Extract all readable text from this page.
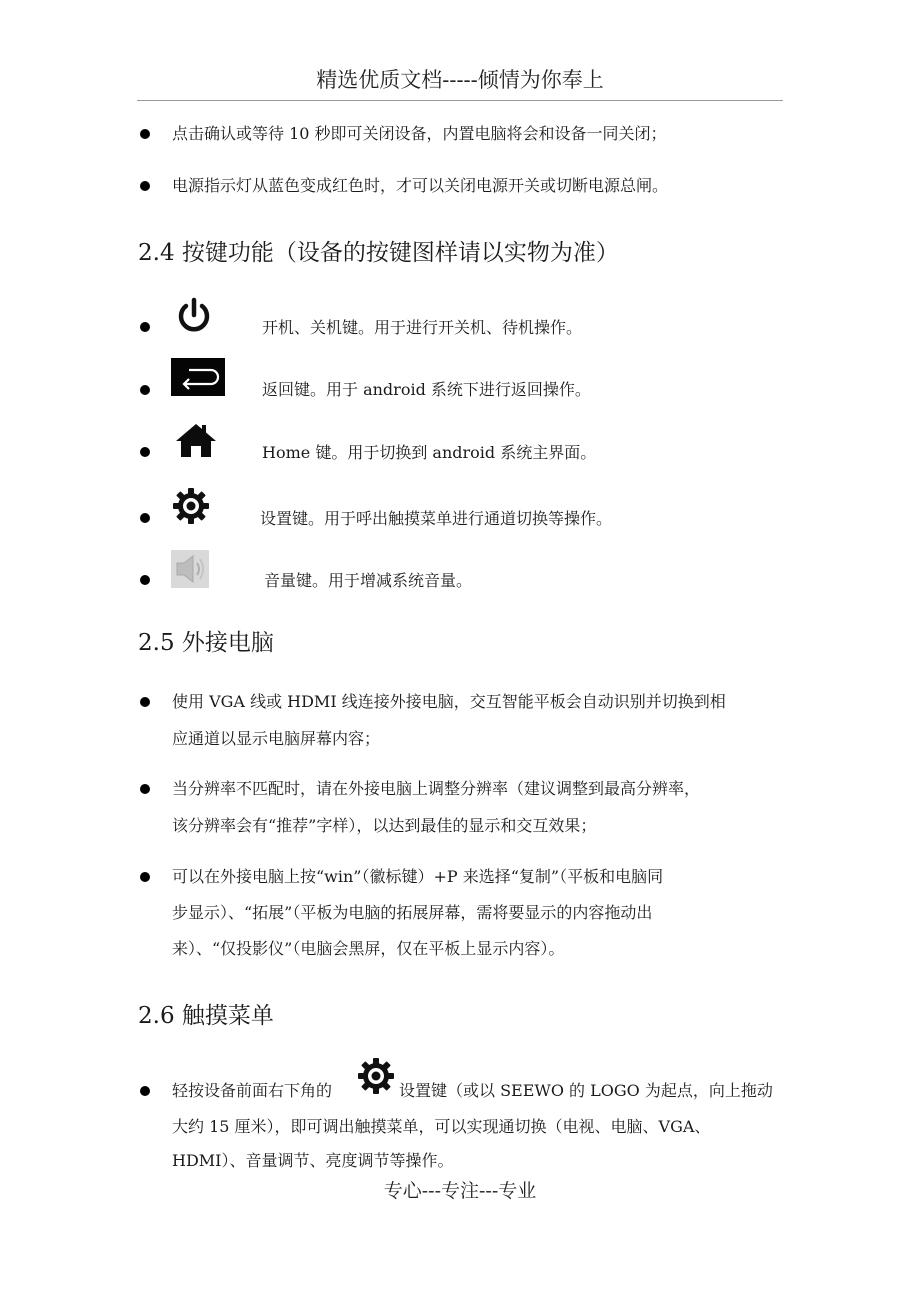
精选优质文档-----倾情为你奉上
点击确认或等待 10 秒即可关闭设备，内置电脑将会和设备一同关闭；
电源指示灯从蓝色变成红色时，才可以关闭电源开关或切断电源总闸。
2.4 按键功能（设备的按键图样请以实物为准）
开机、关机键。用于进行开关机、待机操作。
返回键。用于 android 系统下进行返回操作。
Home 键。用于切换到 android 系统主界面。
设置键。用于呼出触摸菜单进行通道切换等操作。
音量键。用于增减系统音量。
2.5 外接电脑
使用 VGA 线或 HDMI 线连接外接电脑，交互智能平板会自动识别并切换到相
应通道以显示电脑屏幕内容；
当分辨率不匹配时，请在外接电脑上调整分辨率（建议调整到最高分辨率，
该分辨率会有“推荐”字样），以达到最佳的显示和交互效果；
可以在外接电脑上按“win”（徽标键）+P 来选择“复制”（平板和电脑同
步显示）、“拓展”（平板为电脑的拓展屏幕，需将要显示的内容拖动出
来）、“仅投影仪”（电脑会黑屏，仅在平板上显示内容）。
2.6 触摸菜单
轻按设备前面右下角的	设置键（或以 SEEWO 的 LOGO 为起点，向上拖动
大约 15 厘米），即可调出触摸菜单，可以实现通切换（电视、电脑、VGA、
HDMI）、音量调节、亮度调节等操作。
专心---专注---专业
